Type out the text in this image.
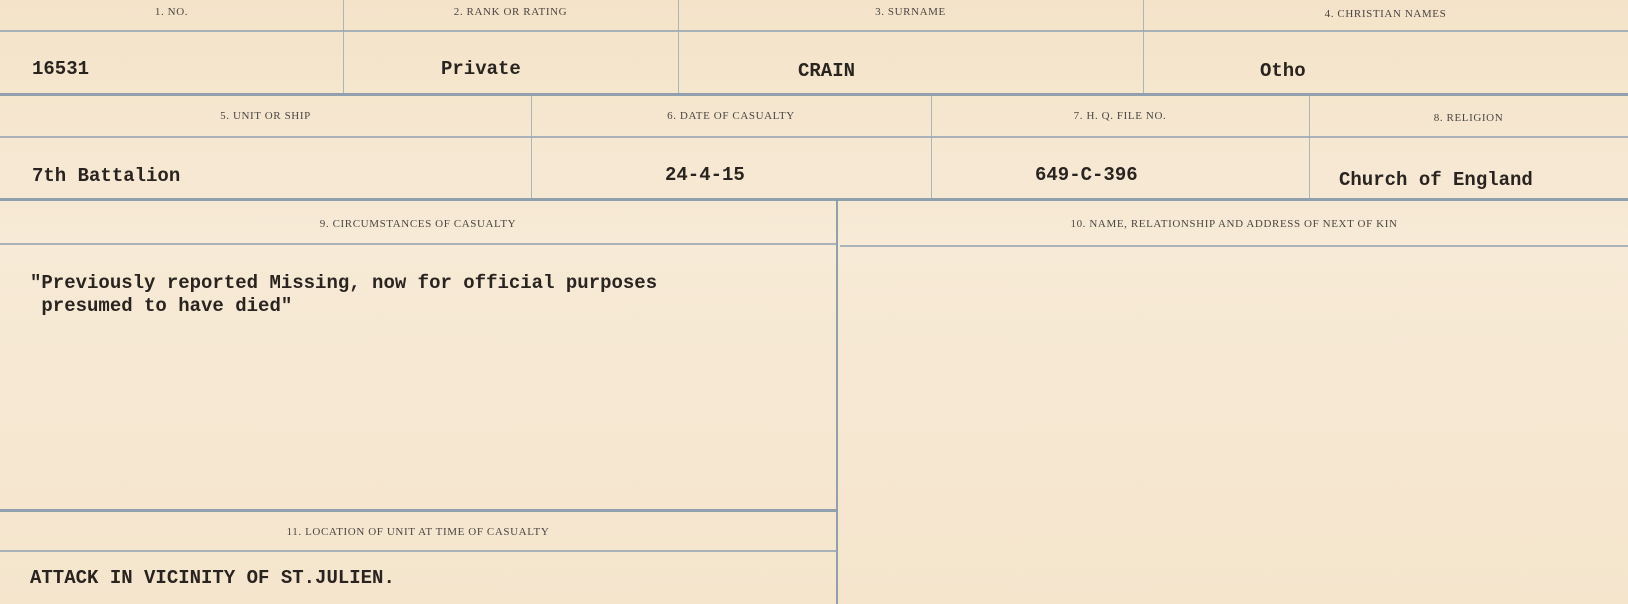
1. NO.
16531
2. RANK OR RATING
Private
3. SURNAME
CRAIN
4. CHRISTIAN NAMES
Otho
5. UNIT OR SHIP
7th Battalion
6. DATE OF CASUALTY
24-4-15
7. H. Q. FILE NO.
649-C-396
8. RELIGION
Church of England
9. CIRCUMSTANCES OF CASUALTY
"Previously reported Missing, now for official purposes
presumed to have died"
10. NAME, RELATIONSHIP AND ADDRESS OF NEXT OF KIN
11. LOCATION OF UNIT AT TIME OF CASUALTY
ATTACK IN VICINITY OF ST.JULIEN.
